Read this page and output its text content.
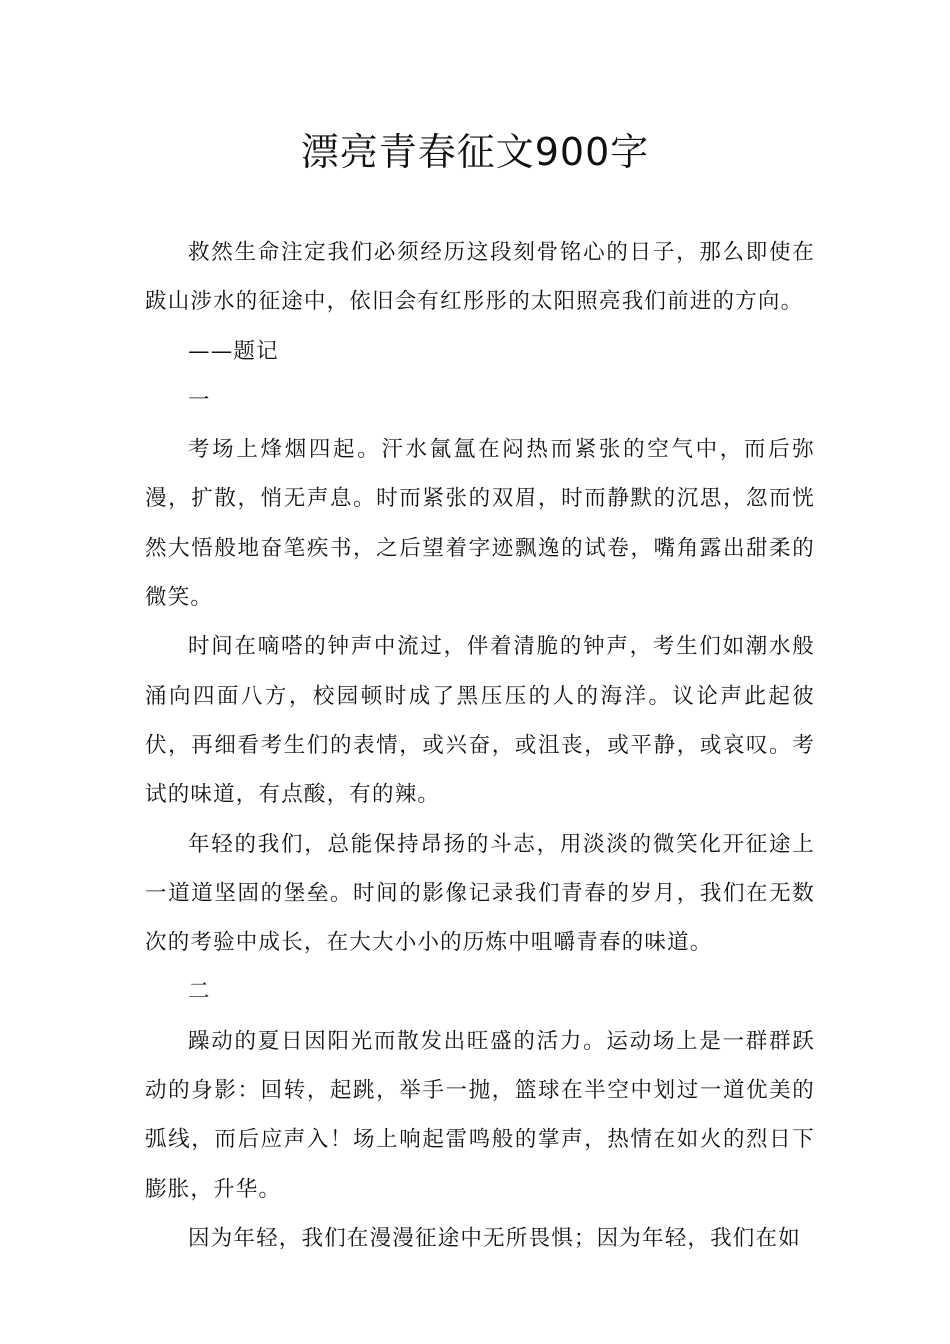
漂亮青春征文900字

救然生命注定我们必须经历这段刻骨铭心的日子，那么即使在跋山涉水的征途中，依旧会有红彤彤的太阳照亮我们前进的方向。

——题记

一

考场上烽烟四起。汗水氤氲在闷热而紧张的空气中，而后弥漫，扩散，悄无声息。时而紧张的双眉，时而静默的沉思，忽而恍然大悟般地奋笔疾书，之后望着字迹飘逸的试卷，嘴角露出甜柔的微笑。

时间在嘀嗒的钟声中流过，伴着清脆的钟声，考生们如潮水般涌向四面八方，校园顿时成了黑压压的人的海洋。议论声此起彼伏，再细看考生们的表情，或兴奋，或沮丧，或平静，或哀叹。考试的味道，有点酸，有的辣。

年轻的我们，总能保持昂扬的斗志，用淡淡的微笑化开征途上一道道坚固的堡垒。时间的影像记录我们青春的岁月，我们在无数次的考验中成长，在大大小小的历炼中咀嚼青春的味道。

二

躁动的夏日因阳光而散发出旺盛的活力。运动场上是一群群跃动的身影：回转，起跳，举手一抛，篮球在半空中划过一道优美的弧线，而后应声入！场上响起雷鸣般的掌声，热情在如火的烈日下膨胀，升华。

因为年轻，我们在漫漫征途中无所畏惧；因为年轻，我们在如
